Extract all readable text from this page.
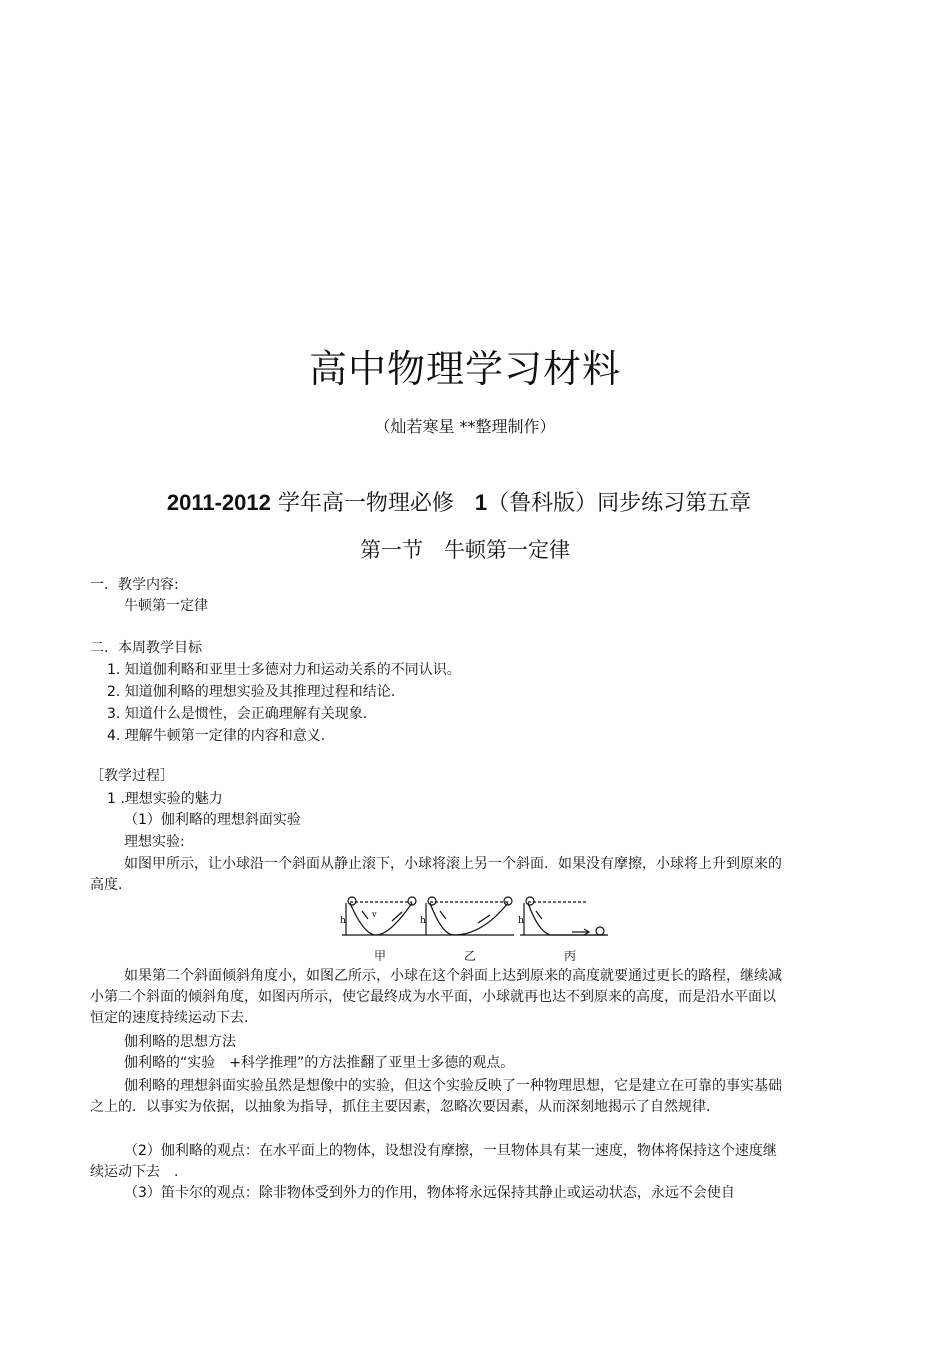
高中物理学习材料
（灿若寒星 **整理制作）
2011-2012 学年高一物理必修 1（鲁科版）同步练习第五章
第一节　牛顿第一定律
一．教学内容:
牛顿第一定律
二．本周教学目标
1. 知道伽利略和亚里士多德对力和运动关系的不同认识。
2. 知道伽利略的理想实验及其推理过程和结论.
3. 知道什么是惯性，会正确理解有关现象.
4. 理解牛顿第一定律的内容和意义.
［教学过程］
1 .理想实验的魅力
（1）伽利略的理想斜面实验
理想实验:
如图甲所示，让小球沿一个斜面从静止滚下，小球将滚上另一个斜面．如果没有摩擦，小球将上升到原来的高度.
h
v
h	h
甲	乙	丙
如果第二个斜面倾斜角度小，如图乙所示，小球在这个斜面上达到原来的高度就要通过更长的路程，继续减小第二个斜面的倾斜角度，如图丙所示，使它最终成为水平面，小球就再也达不到原来的高度，而是沿水平面以恒定的速度持续运动下去.
伽利略的思想方法
伽利略的“实验　+科学推理”的方法推翻了亚里士多德的观点。
伽利略的理想斜面实验虽然是想像中的实验，但这个实验反映了一种物理思想，它是建立在可靠的事实基础之上的．以事实为依据，以抽象为指导，抓住主要因素，忽略次要因素，从而深刻地揭示了自然规律.
（2）伽利略的观点：在水平面上的物体，设想没有摩擦，一旦物体具有某一速度，物体将保持这个速度继续运动下去　.
（3）笛卡尔的观点：除非物体受到外力的作用，物体将永远保持其静止或运动状态，永远不会使自
